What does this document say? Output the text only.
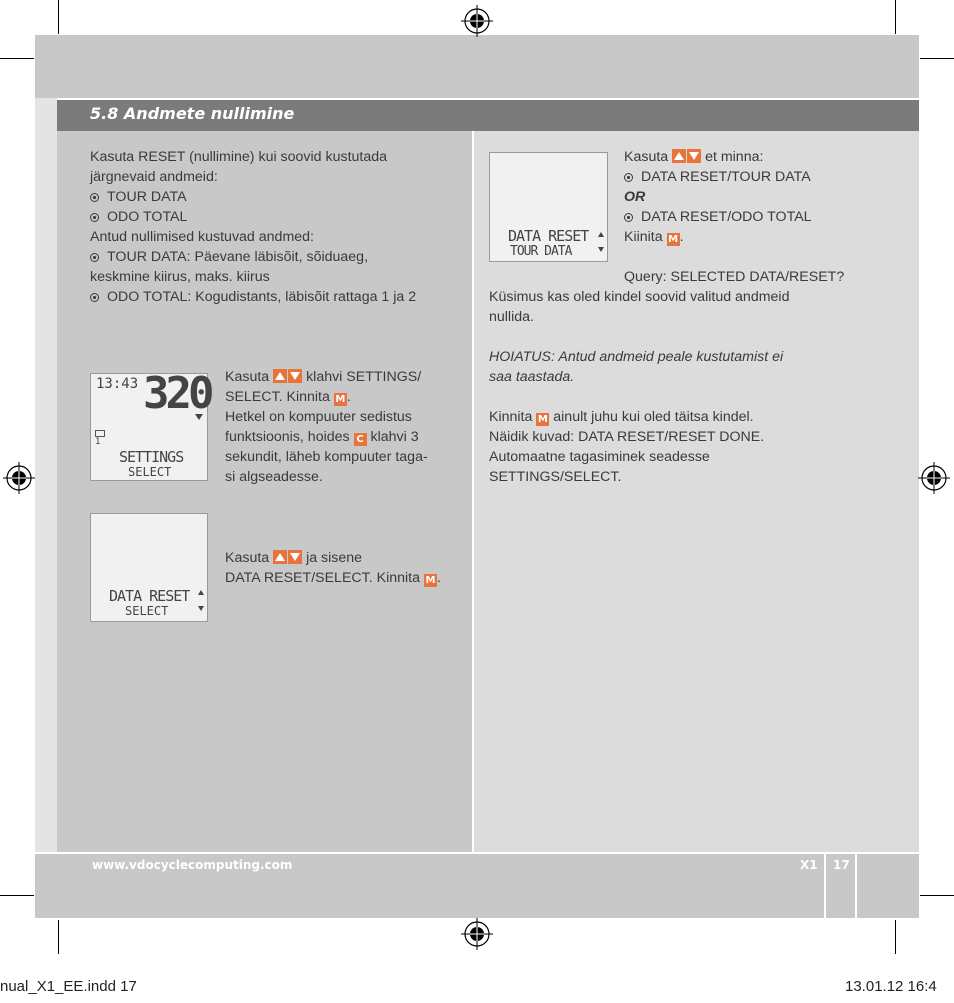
5.8 Andmete nullimine
Kasuta RESET (nullimine) kui soovid kustutada
järgnevaid andmeid:
TOUR DATA
ODO TOTAL
Antud nullimised kustuvad andmed:
TOUR DATA: Päevane läbisõit, sõiduaeg,
keskmine kiirus, maks. kiirus
ODO TOTAL: Kogudistants, läbisõit rattaga 1 ja 2
13:43 320
1
SETTINGS
SELECT
Kasuta  klahvi SETTINGS/
SELECT. Kinnita M .
Hetkel on kompuuter sedistus
funktsioonis, hoides C klahvi 3
sekundit, läheb kompuuter taga-
si algseadesse.
DATA RESET
SELECT
Kasuta  ja sisene
DATA RESET/SELECT. Kinnita M .
DATA RESET
TOUR DATA
Kasuta  et minna:
DATA RESET/TOUR DATA
OR
DATA RESET/ODO TOTAL
Kiinita M .
Query: SELECTED DATA/RESET?
Küsimus kas oled kindel soovid valitud andmeid
nullida.
HOIATUS: Antud andmeid peale kustutamist ei
saa taastada.
Kinnita M ainult juhu kui oled täitsa kindel.
Näidik kuvad: DATA RESET/RESET DONE.
Automaatne tagasiminek seadesse
SETTINGS/SELECT.
www.vdocyclecomputing.com	X1 17
nual_X1_EE.indd 17	13.01.12 16:4
